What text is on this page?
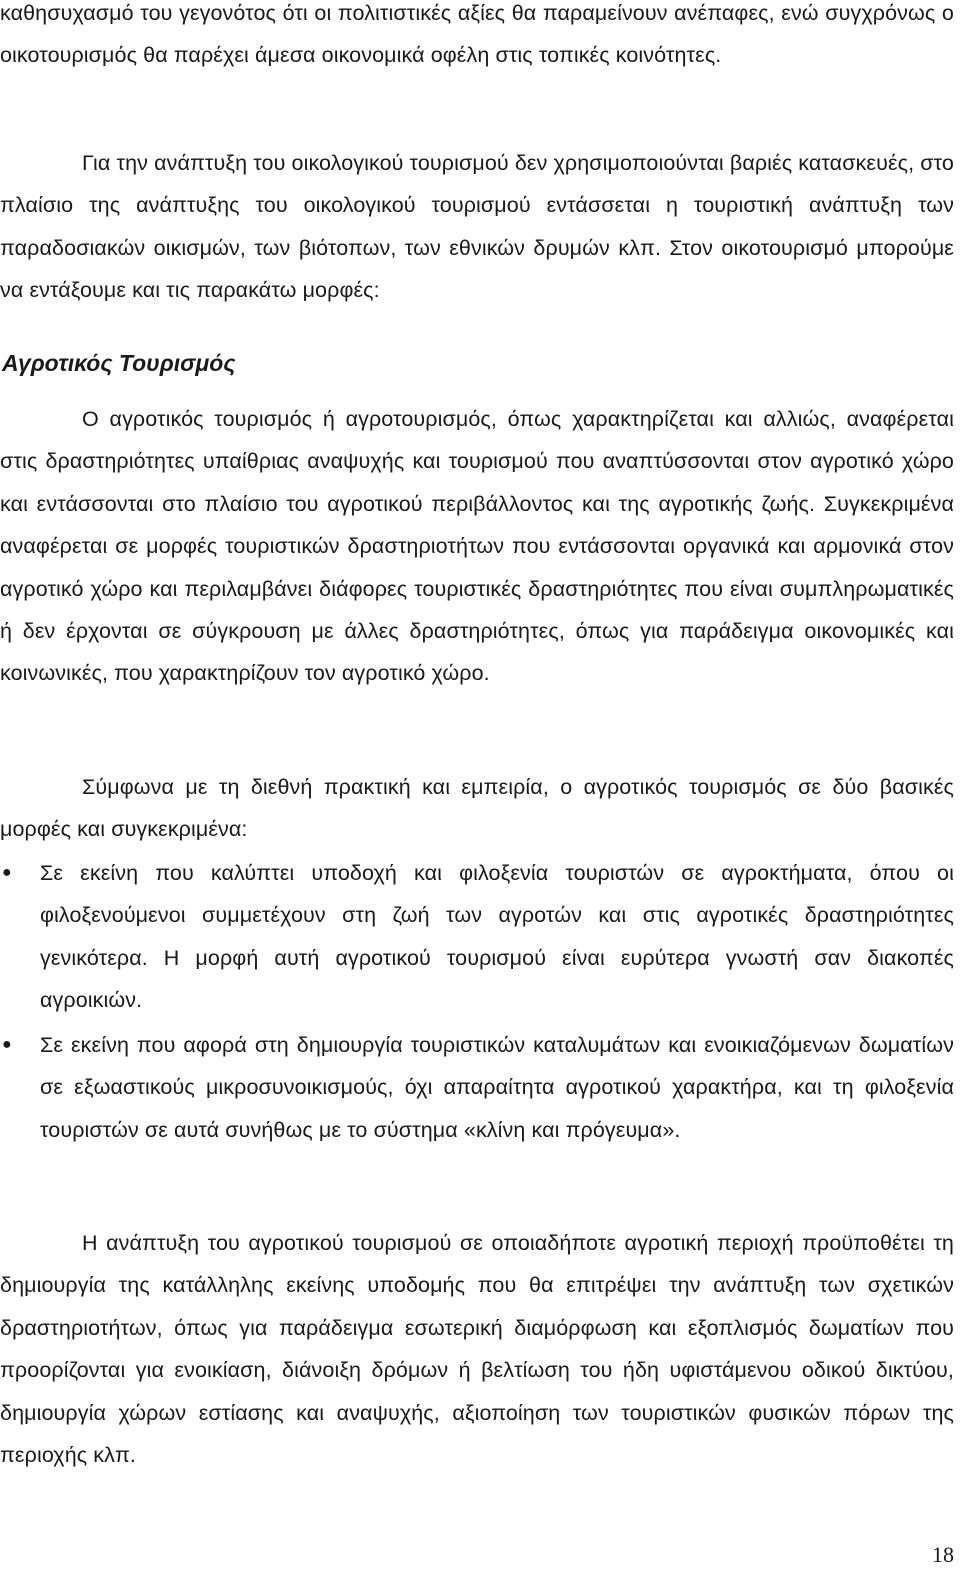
καθησυχασμό του γεγονότος ότι οι πολιτιστικές αξίες θα παραμείνουν ανέπαφες, ενώ συγχρόνως ο οικοτουρισμός θα παρέχει άμεσα οικονομικά οφέλη στις τοπικές κοινότητες.

Για την ανάπτυξη του οικολογικού τουρισμού δεν χρησιμοποιούνται βαριές κατασκευές, στο πλαίσιο της ανάπτυξης του οικολογικού τουρισμού εντάσσεται η τουριστική ανάπτυξη των παραδοσιακών οικισμών, των βιότοπων, των εθνικών δρυμών κλπ. Στον οικοτουρισμό μπορούμε να εντάξουμε και τις παρακάτω μορφές:

Αγροτικός Τουρισμός

Ο αγροτικός τουρισμός ή αγροτουρισμός, όπως χαρακτηρίζεται και αλλιώς, αναφέρεται στις δραστηριότητες υπαίθριας αναψυχής και τουρισμού που αναπτύσσονται στον αγροτικό χώρο και εντάσσονται στο πλαίσιο του αγροτικού περιβάλλοντος και της αγροτικής ζωής. Συγκεκριμένα αναφέρεται σε μορφές τουριστικών δραστηριοτήτων που εντάσσονται οργανικά και αρμονικά στον αγροτικό χώρο και περιλαμβάνει διάφορες τουριστικές δραστηριότητες που είναι συμπληρωματικές ή δεν έρχονται σε σύγκρουση με άλλες δραστηριότητες, όπως για παράδειγμα οικονομικές και κοινωνικές, που χαρακτηρίζουν τον αγροτικό χώρο.

Σύμφωνα με τη διεθνή πρακτική και εμπειρία, ο αγροτικός τουρισμός σε δύο βασικές μορφές και συγκεκριμένα:

● Σε εκείνη που καλύπτει υποδοχή και φιλοξενία τουριστών σε αγροκτήματα, όπου οι φιλοξενούμενοι συμμετέχουν στη ζωή των αγροτών και στις αγροτικές δραστηριότητες γενικότερα. Η μορφή αυτή αγροτικού τουρισμού είναι ευρύτερα γνωστή σαν διακοπές αγροικιών.

● Σε εκείνη που αφορά στη δημιουργία τουριστικών καταλυμάτων και ενοικιαζόμενων δωματίων σε εξωαστικούς μικροσυνοικισμούς, όχι απαραίτητα αγροτικού χαρακτήρα, και τη φιλοξενία τουριστών σε αυτά συνήθως με το σύστημα «κλίνη και πρόγευμα».

Η ανάπτυξη του αγροτικού τουρισμού σε οποιαδήποτε αγροτική περιοχή προϋποθέτει τη δημιουργία της κατάλληλης εκείνης υποδομής που θα επιτρέψει την ανάπτυξη των σχετικών δραστηριοτήτων, όπως για παράδειγμα εσωτερική διαμόρφωση και εξοπλισμός δωματίων που προορίζονται για ενοικίαση, διάνοιξη δρόμων ή βελτίωση του ήδη υφιστάμενου οδικού δικτύου, δημιουργία χώρων εστίασης και αναψυχής, αξιοποίηση των τουριστικών φυσικών πόρων της περιοχής κλπ.

18
